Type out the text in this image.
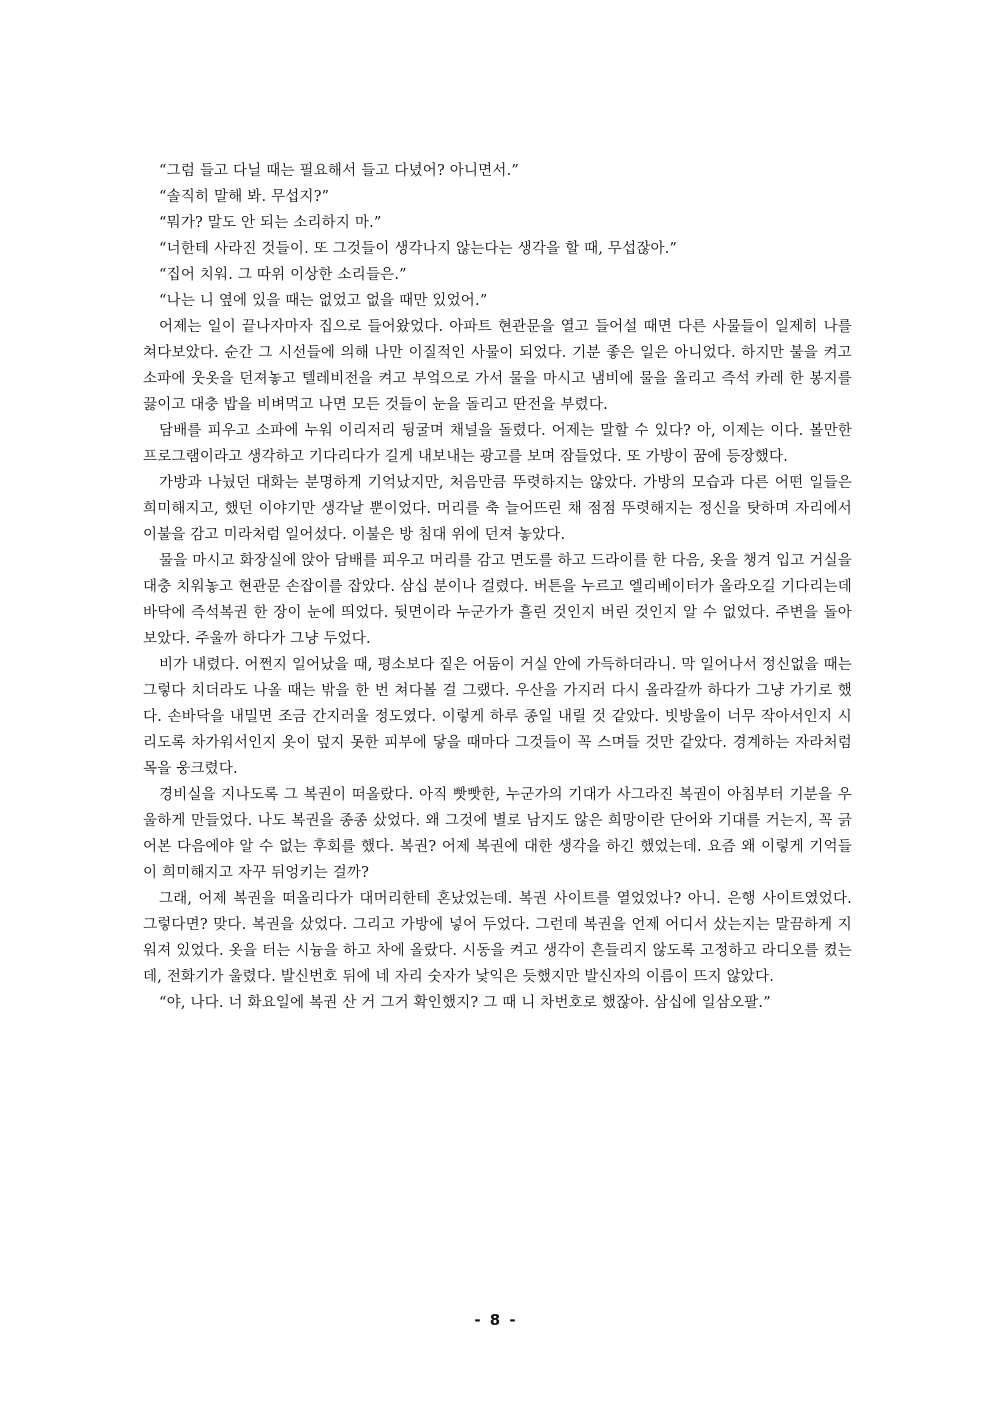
“그럼 들고 다닐 때는 필요해서 들고 다녔어? 아니면서.”

“솔직히 말해 봐. 무섭지?”

“뭐가? 말도 안 되는 소리하지 마.”

“너한테 사라진 것들이. 또 그것들이 생각나지 않는다는 생각을 할 때, 무섭잖아.”

“집어 치워. 그 따위 이상한 소리들은.”

“나는 니 옆에 있을 때는 없었고 없을 때만 있었어.”

어제는 일이 끝나자마자 집으로 들어왔었다. 아파트 현관문을 열고 들어설 때면 다른 사물들이 일제히 나를 쳐다보았다. 순간 그 시선들에 의해 나만 이질적인 사물이 되었다. 기분 좋은 일은 아니었다. 하지만 불을 켜고 소파에 웃옷을 던져놓고 텔레비전을 켜고 부엌으로 가서 물을 마시고 냄비에 물을 올리고 즉석 카레 한 봉지를 끓이고 대충 밥을 비벼먹고 나면 모든 것들이 눈을 돌리고 딴전을 부렸다.

담배를 피우고 소파에 누워 이리저리 뒹굴며 채널을 돌렸다. 어제는 말할 수 있다? 아, 이제는 이다. 볼만한 프로그램이라고 생각하고 기다리다가 길게 내보내는 광고를 보며 잠들었다. 또 가방이 꿈에 등장했다.

가방과 나눴던 대화는 분명하게 기억났지만, 처음만큼 뚜렷하지는 않았다. 가방의 모습과 다른 어떤 일들은 희미해지고, 했던 이야기만 생각날 뿐이었다. 머리를 축 늘어뜨린 채 점점 뚜렷해지는 정신을 탓하며 자리에서 이불을 감고 미라처럼 일어섰다. 이불은 방 침대 위에 던져 놓았다.

물을 마시고 화장실에 앉아 담배를 피우고 머리를 감고 면도를 하고 드라이를 한 다음, 옷을 챙겨 입고 거실을 대충 치워놓고 현관문 손잡이를 잡았다. 삼십 분이나 걸렸다. 버튼을 누르고 엘리베이터가 올라오길 기다리는데 바닥에 즉석복권 한 장이 눈에 띄었다. 뒷면이라 누군가가 흘린 것인지 버린 것인지 알 수 없었다. 주변을 돌아보았다. 주울까 하다가 그냥 두었다.

비가 내렸다. 어쩐지 일어났을 때, 평소보다 짙은 어둠이 거실 안에 가득하더라니. 막 일어나서 정신없을 때는 그렇다 치더라도 나올 때는 밖을 한 번 쳐다볼 걸 그랬다. 우산을 가지러 다시 올라갈까 하다가 그냥 가기로 했다. 손바닥을 내밀면 조금 간지러울 정도였다. 이렇게 하루 종일 내릴 것 같았다. 빗방울이 너무 작아서인지 시리도록 차가워서인지 옷이 덮지 못한 피부에 닿을 때마다 그것들이 꼭 스며들 것만 같았다. 경계하는 자라처럼 목을 웅크렸다.

경비실을 지나도록 그 복권이 떠올랐다. 아직 빳빳한, 누군가의 기대가 사그라진 복권이 아침부터 기분을 우울하게 만들었다. 나도 복권을 종종 샀었다. 왜 그것에 별로 남지도 않은 희망이란 단어와 기대를 거는지, 꼭 긁어본 다음에야 알 수 없는 후회를 했다. 복권? 어제 복권에 대한 생각을 하긴 했었는데. 요즘 왜 이렇게 기억들이 희미해지고 자꾸 뒤엉키는 걸까?

그래, 어제 복권을 떠올리다가 대머리한테 혼났었는데. 복권 사이트를 열었었나? 아니. 은행 사이트였었다. 그렇다면? 맞다. 복권을 샀었다. 그리고 가방에 넣어 두었다. 그런데 복권을 언제 어디서 샀는지는 말끔하게 지워져 있었다. 옷을 터는 시늉을 하고 차에 올랐다. 시동을 켜고 생각이 흔들리지 않도록 고정하고 라디오를 켰는데, 전화기가 울렸다. 발신번호 뒤에 네 자리 숫자가 낯익은 듯했지만 발신자의 이름이 뜨지 않았다.

“야, 나다. 너 화요일에 복권 산 거 그거 확인했지? 그 때 니 차번호로 했잖아. 삼십에 일삼오팔.”

- 8 -
